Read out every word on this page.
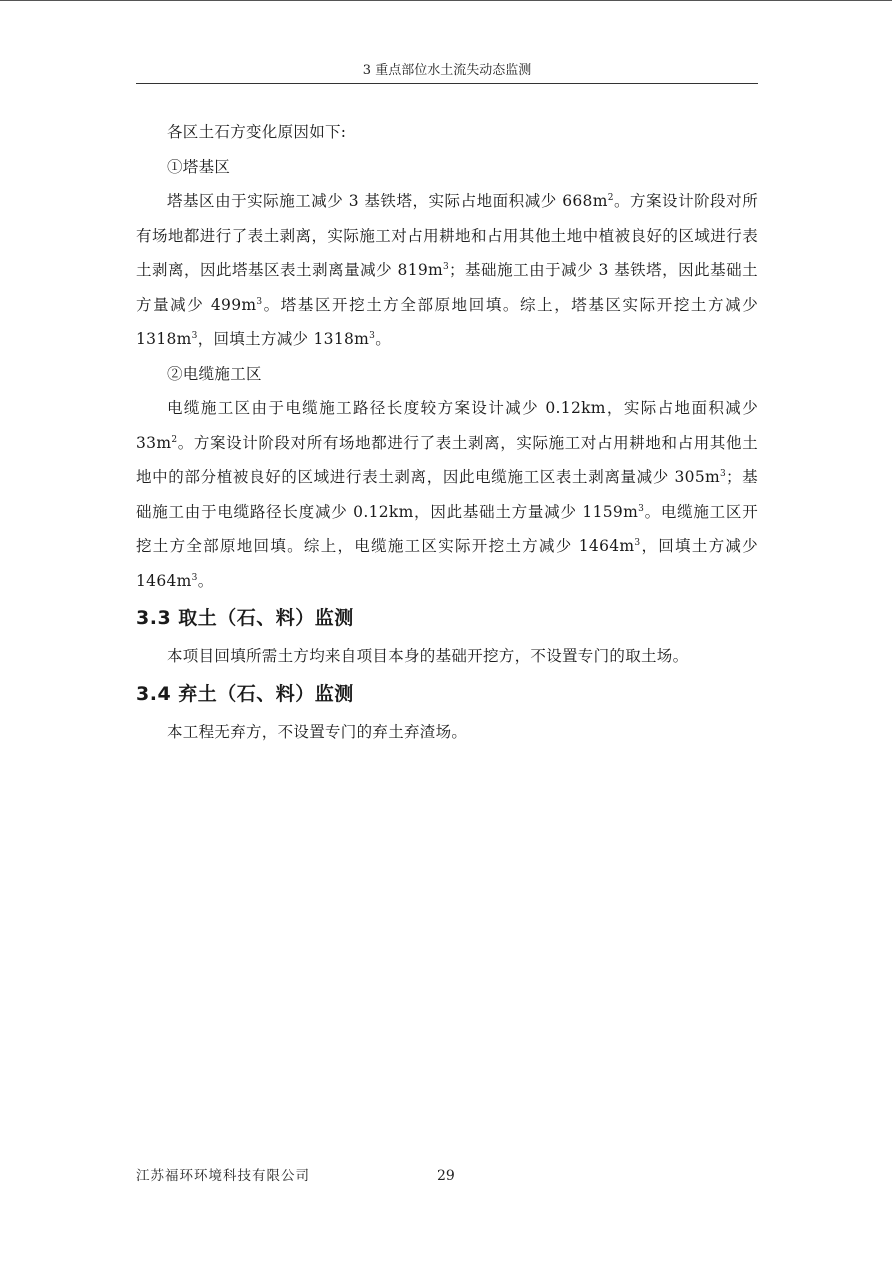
3 重点部位水土流失动态监测

各区土石方变化原因如下:

①塔基区

塔基区由于实际施工减少 3 基铁塔，实际占地面积减少 $668m^2$。方案设计阶段对所有场地都进行了表土剥离，实际施工对占用耕地和占用其他土地中植被良好的区域进行表土剥离，因此塔基区表土剥离量减少 $819m^3$；基础施工由于减少 3 基铁塔，因此基础土方量减少 $499m^3$。塔基区开挖土方全部原地回填。综上，塔基区实际开挖土方减少 $1318m^3$，回填土方减少 $1318m^3$。

②电缆施工区

电缆施工区由于电缆施工路径长度较方案设计减少 0.12km，实际占地面积减少 $33m^2$。方案设计阶段对所有场地都进行了表土剥离，实际施工对占用耕地和占用其他土地中的部分植被良好的区域进行表土剥离，因此电缆施工区表土剥离量减少 $305m^3$；基础施工由于电缆路径长度减少 0.12km，因此基础土方量减少 $1159m^3$。电缆施工区开挖土方全部原地回填。综上，电缆施工区实际开挖土方减少 $1464m^3$，回填土方减少 $1464m^3$。

3.3 取土（石、料）监测

本项目回填所需土方均来自项目本身的基础开挖方，不设置专门的取土场。

3.4 弃土（石、料）监测

本工程无弃方，不设置专门的弃土弃渣场。

江苏福环环境科技有限公司	29
